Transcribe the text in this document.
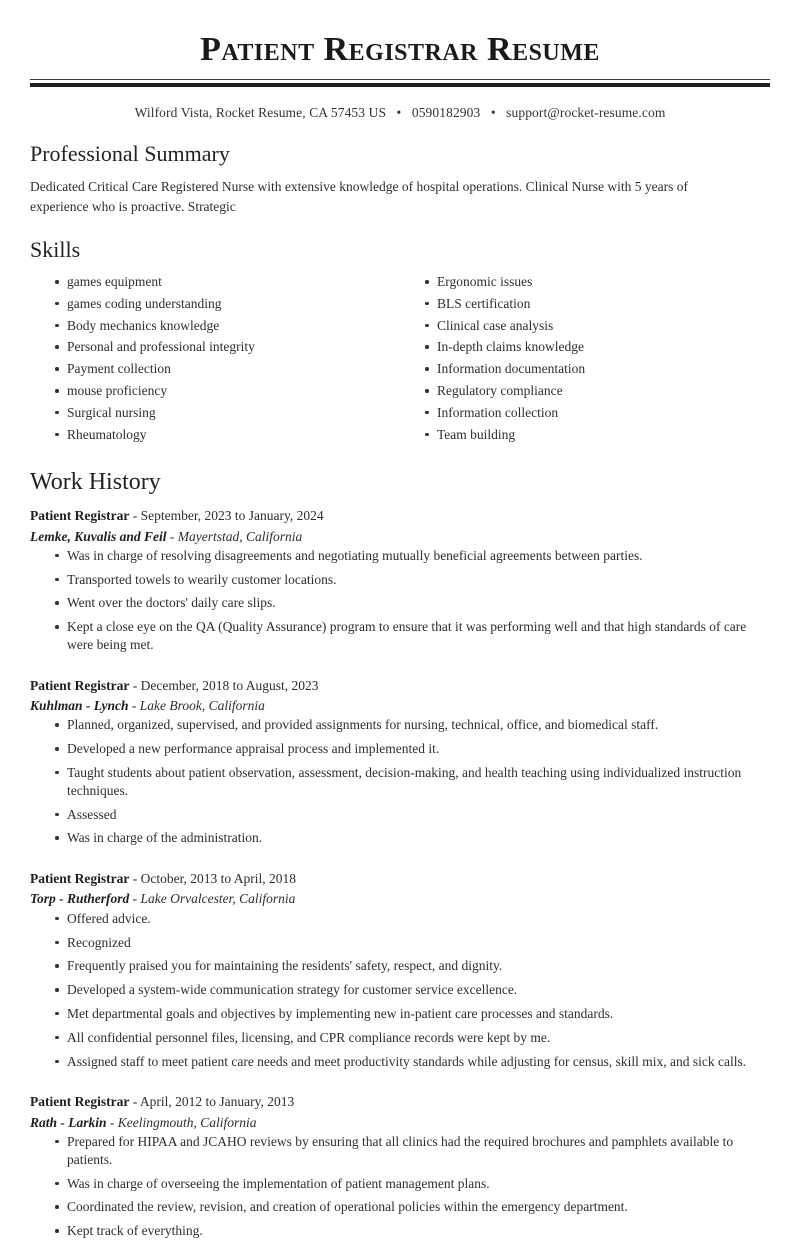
Patient Registrar Resume
Wilford Vista, Rocket Resume, CA 57453 US • 0590182903 • support@rocket-resume.com
Professional Summary

Dedicated Critical Care Registered Nurse with extensive knowledge of hospital operations. Clinical Nurse with 5 years of experience who is proactive. Strategic

Skills
games equipment
games coding understanding
Body mechanics knowledge
Personal and professional integrity
Payment collection
mouse proficiency
Surgical nursing
Rheumatology
Ergonomic issues
BLS certification
Clinical case analysis
In-depth claims knowledge
Information documentation
Regulatory compliance
Information collection
Team building
Work History
Patient Registrar - September, 2023 to January, 2024
Lemke, Kuvalis and Feil - Mayertstad, California
Was in charge of resolving disagreements and negotiating mutually beneficial agreements between parties.
Transported towels to wearily customer locations.
Went over the doctors' daily care slips.
Kept a close eye on the QA (Quality Assurance) program to ensure that it was performing well and that high standards of care were being met.
Patient Registrar - December, 2018 to August, 2023
Kuhlman - Lynch - Lake Brook, California
Planned, organized, supervised, and provided assignments for nursing, technical, office, and biomedical staff.
Developed a new performance appraisal process and implemented it.
Taught students about patient observation, assessment, decision-making, and health teaching using individualized instruction techniques.
Assessed
Was in charge of the administration.
Patient Registrar - October, 2013 to April, 2018
Torp - Rutherford - Lake Orvalcester, California
Offered advice.
Recognized
Frequently praised you for maintaining the residents' safety, respect, and dignity.
Developed a system-wide communication strategy for customer service excellence.
Met departmental goals and objectives by implementing new in-patient care processes and standards.
All confidential personnel files, licensing, and CPR compliance records were kept by me.
Assigned staff to meet patient care needs and meet productivity standards while adjusting for census, skill mix, and sick calls.
Patient Registrar - April, 2012 to January, 2013
Rath - Larkin - Keelingmouth, California
Prepared for HIPAA and JCAHO reviews by ensuring that all clinics had the required brochures and pamphlets available to patients.
Was in charge of overseeing the implementation of patient management plans.
Coordinated the review, revision, and creation of operational policies within the emergency department.
Kept track of everything.
